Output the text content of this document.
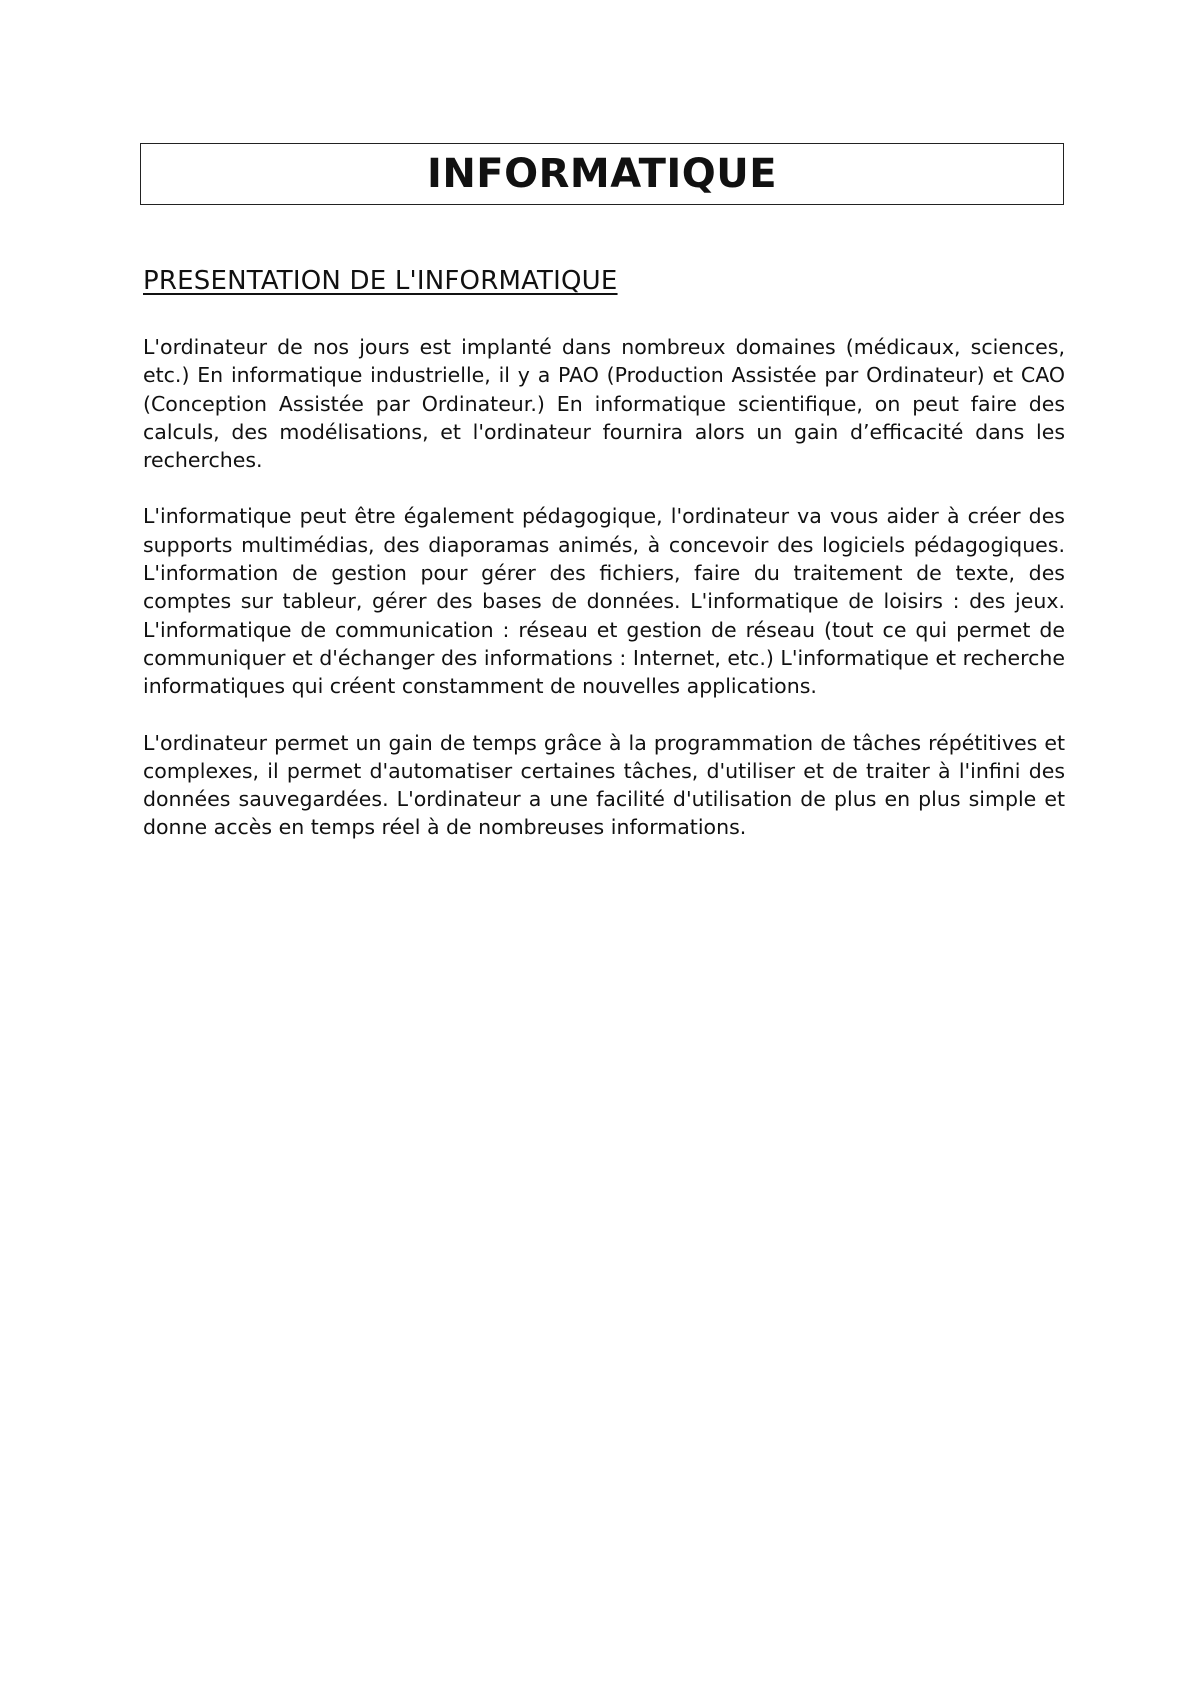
INFORMATIQUE
PRESENTATION DE L'INFORMATIQUE

L'ordinateur de nos jours est implanté dans nombreux domaines (médicaux, sciences, etc.) En informatique industrielle, il y a PAO (Production Assistée par Ordinateur) et CAO (Conception Assistée par Ordinateur.) En informatique scientifique, on peut faire des calculs, des modélisations, et l'ordinateur fournira alors un gain d’efficacité dans les recherches.

L'informatique peut être également pédagogique, l'ordinateur va vous aider à créer des supports multimédias, des diaporamas animés, à concevoir des logiciels pédagogiques. L'information de gestion pour gérer des fichiers, faire du traitement de texte, des comptes sur tableur, gérer des bases de données. L'informatique de loisirs : des jeux. L'informatique de communication : réseau et gestion de réseau (tout ce qui permet de communiquer et d'échanger des informations : Internet, etc.) L'informatique et recherche informatiques qui créent constamment de nouvelles applications.

L'ordinateur permet un gain de temps grâce à la programmation de tâches répétitives et complexes, il permet d'automatiser certaines tâches, d'utiliser et de traiter à l'infini des données sauvegardées. L'ordinateur a une facilité d'utilisation de plus en plus simple et donne accès en temps réel à de nombreuses informations.
